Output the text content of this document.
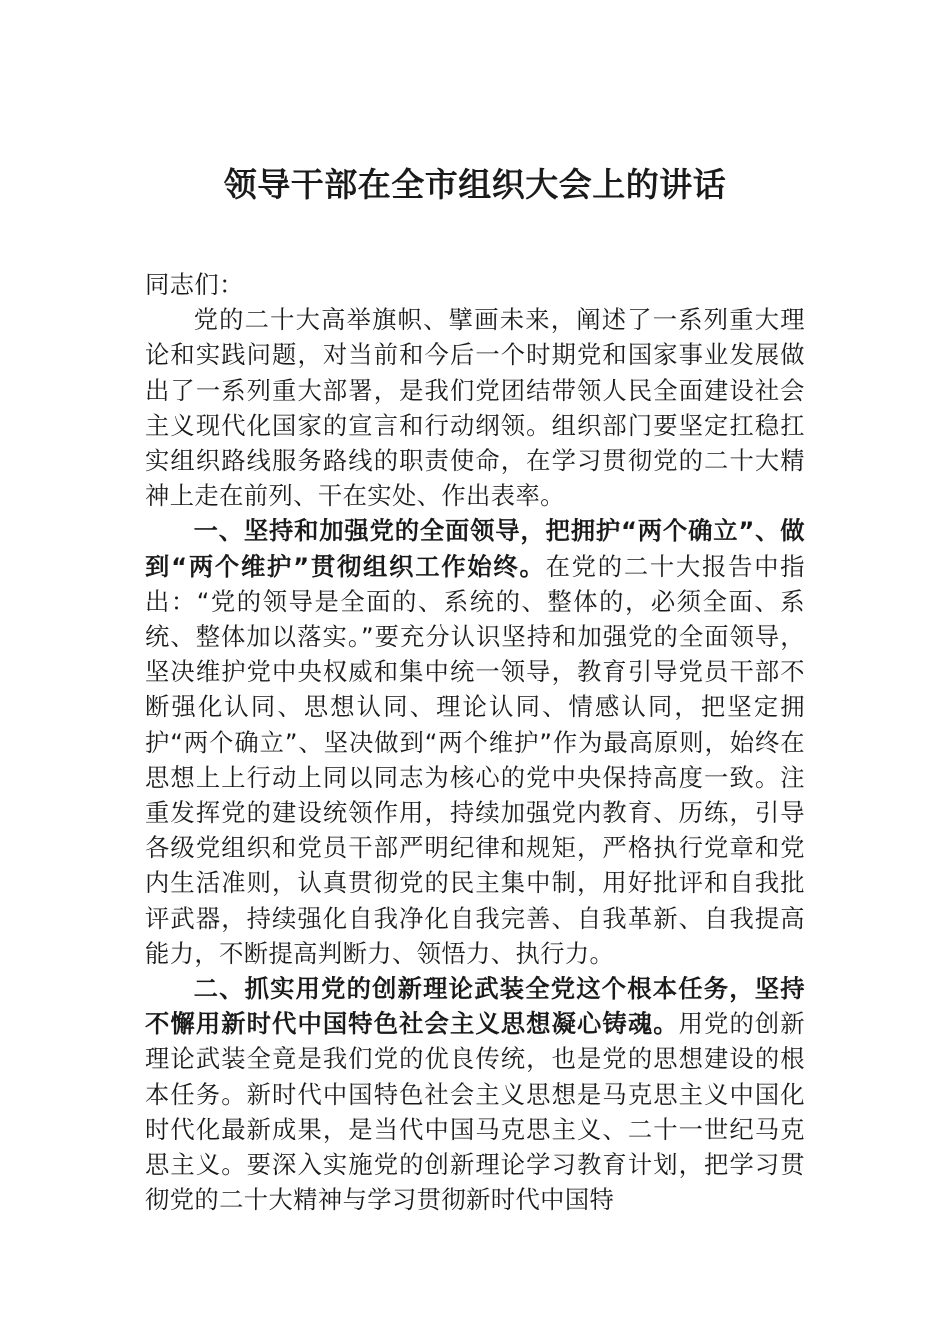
领导干部在全市组织大会上的讲话

同志们：

党的二十大高举旗帜、擘画未来，阐述了一系列重大理论和实践问题，对当前和今后一个时期党和国家事业发展做出了一系列重大部署，是我们党团结带领人民全面建设社会主义现代化国家的宣言和行动纲领。组织部门要坚定扛稳扛实组织路线服务路线的职责使命，在学习贯彻党的二十大精神上走在前列、干在实处、作出表率。

一、坚持和加强党的全面领导，把拥护“两个确立”、做到“两个维护”贯彻组织工作始终。在党的二十大报告中指出：“党的领导是全面的、系统的、整体的，必须全面、系统、整体加以落实。”要充分认识坚持和加强党的全面领导，坚决维护党中央权威和集中统一领导，教育引导党员干部不断强化认同、思想认同、理论认同、情感认同，把坚定拥护“两个确立”、坚决做到“两个维护”作为最高原则，始终在思想上上行动上同以同志为核心的党中央保持高度一致。注重发挥党的建设统领作用，持续加强党内教育、历练，引导各级党组织和党员干部严明纪律和规矩，严格执行党章和党内生活准则，认真贯彻党的民主集中制，用好批评和自我批评武器，持续强化自我净化自我完善、自我革新、自我提高能力，不断提高判断力、领悟力、执行力。

二、抓实用党的创新理论武装全党这个根本任务，坚持不懈用新时代中国特色社会主义思想凝心铸魂。用党的创新理论武装全竟是我们党的优良传统，也是党的思想建设的根本任务。新时代中国特色社会主义思想是马克思主义中国化时代化最新成果，是当代中国马克思主义、二十一世纪马克思主义。要深入实施党的创新理论学习教育计划，把学习贯彻党的二十大精神与学习贯彻新时代中国特
